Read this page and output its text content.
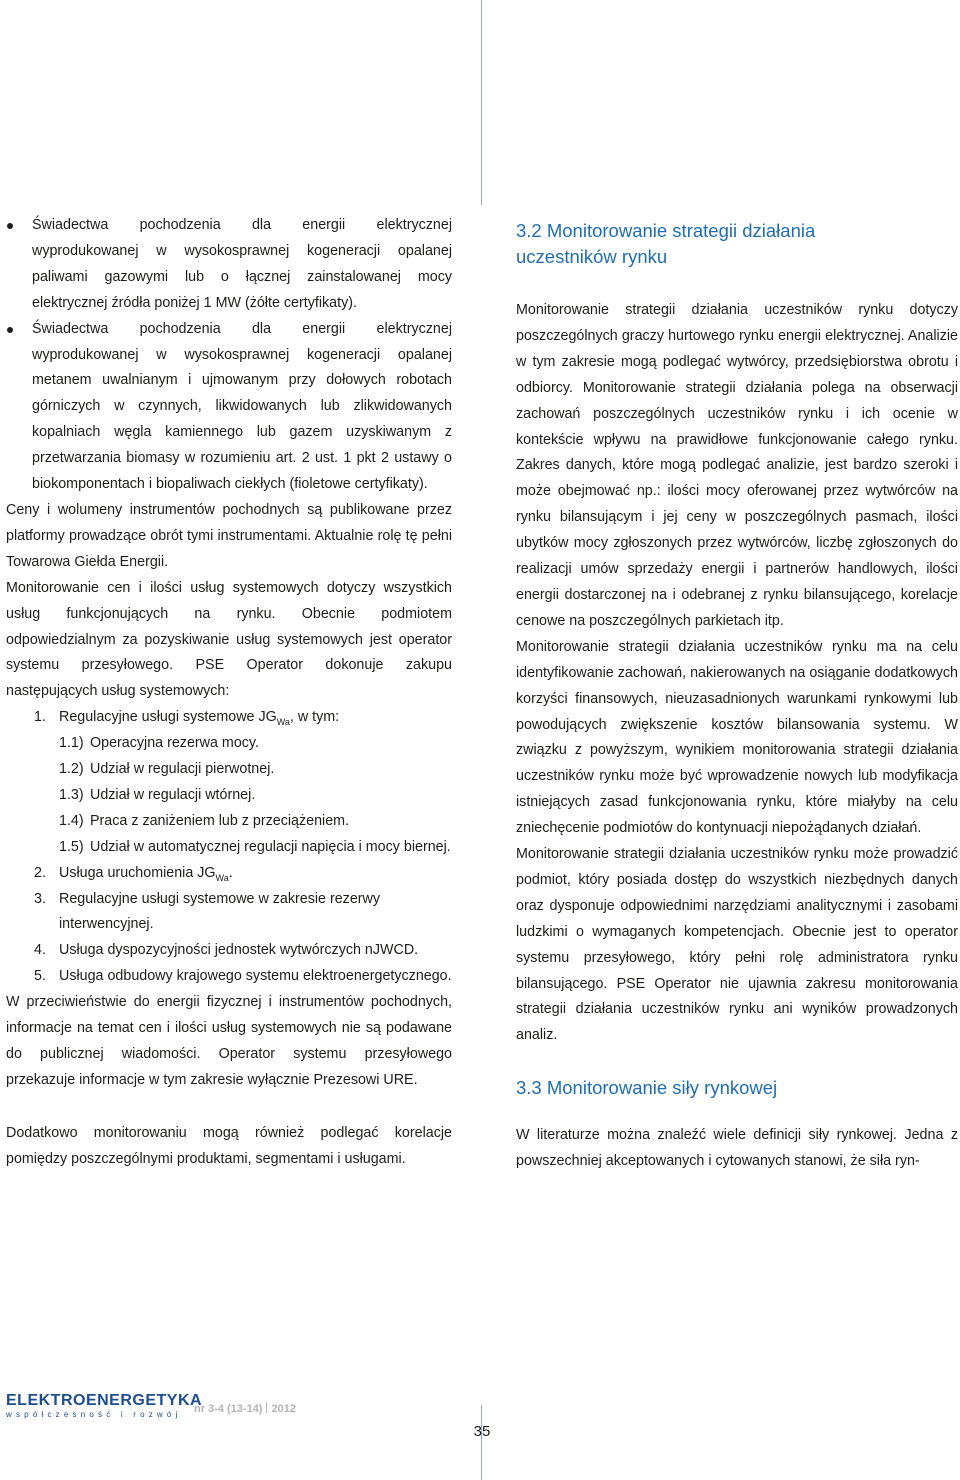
Świadectwa pochodzenia dla energii elektrycznej wyprodukowanej w wysokosprawnej kogeneracji opalanej paliwami gazowymi lub o łącznej zainstalowanej mocy elektrycznej źródła poniżej 1 MW (żółte certyfikaty).
Świadectwa pochodzenia dla energii elektrycznej wyprodukowanej w wysokosprawnej kogeneracji opalanej metanem uwalnianym i ujmowanym przy dołowych robotach górniczych w czynnych, likwidowanych lub zlikwidowanych kopalniach węgla kamiennego lub gazem uzyskiwanym z przetwarzania biomasy w rozumieniu art. 2 ust. 1 pkt 2 ustawy o biokomponentach i biopaliwach ciekłych (fioletowe certyfikaty).

Ceny i wolumeny instrumentów pochodnych są publikowane przez platformy prowadzące obrót tymi instrumentami. Aktualnie rolę tę pełni Towarowa Giełda Energii.

Monitorowanie cen i ilości usług systemowych dotyczy wszystkich usług funkcjonujących na rynku. Obecnie podmiotem odpowiedzialnym za pozyskiwanie usług systemowych jest operator systemu przesyłowego. PSE Operator dokonuje zakupu następujących usług systemowych:

1. Regulacyjne usługi systemowe $JG_{Wa}$, w tym:
1.1) Operacyjna rezerwa mocy.
1.2) Udział w regulacji pierwotnej.
1.3) Udział w regulacji wtórnej.
1.4) Praca z zaniżeniem lub z przeciążeniem.
1.5) Udział w automatycznej regulacji napięcia i mocy biernej.
2. Usługa uruchomienia $JG_{Wa}$.
3. Regulacyjne usługi systemowe w zakresie rezerwy interwencyjnej.
4. Usługa dyspozycyjności jednostek wytwórczych nJWCD.
5. Usługa odbudowy krajowego systemu elektroenergetycznego.

W przeciwieństwie do energii fizycznej i instrumentów pochodnych, informacje na temat cen i ilości usług systemowych nie są podawane do publicznej wiadomości. Operator systemu przesyłowego przekazuje informacje w tym zakresie wyłącznie Prezesowi URE.

Dodatkowo monitorowaniu mogą również podlegać korelacje pomiędzy poszczególnymi produktami, segmentami i usługami.

3.2 Monitorowanie strategii działania
uczestników rynku

Monitorowanie strategii działania uczestników rynku dotyczy poszczególnych graczy hurtowego rynku energii elektrycznej. Analizie w tym zakresie mogą podlegać wytwórcy, przedsiębiorstwa obrotu i odbiorcy. Monitorowanie strategii działania polega na obserwacji zachowań poszczególnych uczestników rynku i ich ocenie w kontekście wpływu na prawidłowe funkcjonowanie całego rynku. Zakres danych, które mogą podlegać analizie, jest bardzo szeroki i może obejmować np.: ilości mocy oferowanej przez wytwórców na rynku bilansującym i jej ceny w poszczególnych pasmach, ilości ubytków mocy zgłoszonych przez wytwórców, liczbę zgłoszonych do realizacji umów sprzedaży energii i partnerów handlowych, ilości energii dostarczonej na i odebranej z rynku bilansującego, korelacje cenowe na poszczególnych parkietach itp.

Monitorowanie strategii działania uczestników rynku ma na celu identyfikowanie zachowań, nakierowanych na osiąganie dodatkowych korzyści finansowych, nieuzasadnionych warunkami rynkowymi lub powodujących zwiększenie kosztów bilansowania systemu. W związku z powyższym, wynikiem monitorowania strategii działania uczestników rynku może być wprowadzenie nowych lub modyfikacja istniejących zasad funkcjonowania rynku, które miałyby na celu zniechęcenie podmiotów do kontynuacji niepożądanych działań.

Monitorowanie strategii działania uczestników rynku może prowadzić podmiot, który posiada dostęp do wszystkich niezbędnych danych oraz dysponuje odpowiednimi narzędziami analitycznymi i zasobami ludzkimi o wymaganych kompetencjach. Obecnie jest to operator systemu przesyłowego, który pełni rolę administratora rynku bilansującego. PSE Operator nie ujawnia zakresu monitorowania strategii działania uczestników rynku ani wyników prowadzonych analiz.

3.3 Monitorowanie siły rynkowej

W literaturze można znaleźć wiele definicji siły rynkowej. Jedna z powszechniej akceptowanych i cytowanych stanowi, że siła ryn-

ELEKTROENERGETYKA
współczesność i rozwój	nr 3-4 (13-14) 2012
35
